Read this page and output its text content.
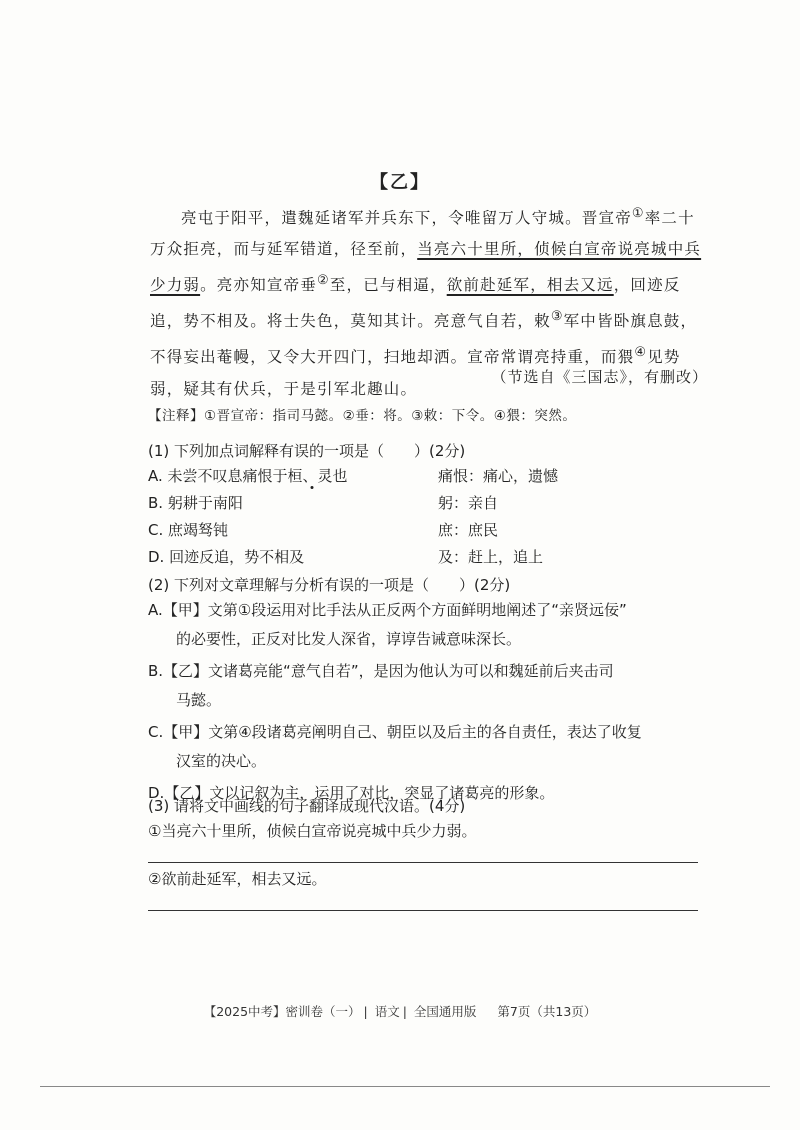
【乙】

亮屯于阳平，遣魏延诸军并兵东下，令唯留万人守城。晋宣帝①率二十万众拒亮，而与延军错道，径至前，当亮六十里所，侦候白宣帝说亮城中兵少力弱。亮亦知宣帝垂②至，已与相逼，欲前赴延军，相去又远，回迹反追，势不相及。将士失色，莫知其计。亮意气自若，敕③军中皆卧旗息鼓，不得妄出菴幔，又令大开四门，扫地却洒。宣帝常谓亮持重，而猥④见势弱，疑其有伏兵，于是引军北趣山。

（节选自《三国志》，有删改）
【注释】①晋宣帝：指司马懿。②垂：将。③敕：下令。④猥：突然。
(1) 下列加点词解释有误的一项是（　　）(2分)
A. 未尝不叹息痛恨于桓、灵也	痛恨：痛心，遗憾
B. 躬耕于南阳	躬：亲自
C. 庶竭驽钝	庶：庶民
D. 回迹反追，势不相及	及：赶上，追上
(2) 下列对文章理解与分析有误的一项是（　　）(2分)
A.【甲】文第①段运用对比手法从正反两个方面鲜明地阐述了“亲贤远佞”
的必要性，正反对比发人深省，谆谆告诫意味深长。
B.【乙】文诸葛亮能“意气自若”，是因为他认为可以和魏延前后夹击司
马懿。
C.【甲】文第④段诸葛亮阐明自己、朝臣以及后主的各自责任，表达了收复
汉室的决心。
D.【乙】文以记叙为主，运用了对比，突显了诸葛亮的形象。
(3) 请将文中画线的句子翻译成现代汉语。(4分)
①当亮六十里所，侦候白宣帝说亮城中兵少力弱。
②欲前赴延军，相去又远。
【2025中考】密训卷（一） | 语文 | 全国通用版 第7页（共13页）
